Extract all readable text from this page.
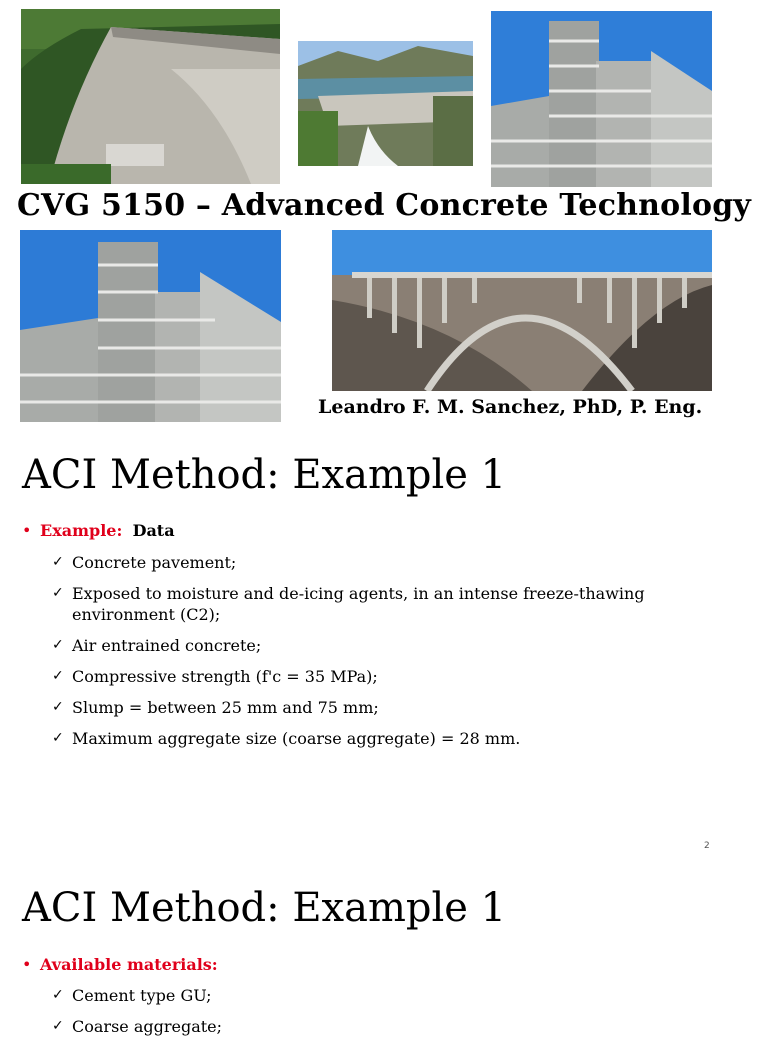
CVG 5150 – Advanced Concrete Technology
Leandro F. M. Sanchez, PhD, P. Eng.
ACI Method: Example 1
• Example: Data
✓ Concrete pavement;
✓ Exposed to moisture and de-icing agents, in an intense freeze-thawing
environment (C2);
✓ Air entrained concrete;
✓ Compressive strength (f'c = 35 MPa);
✓ Slump = between 25 mm and 75 mm;
✓ Maximum aggregate size (coarse aggregate) = 28 mm.
2
ACI Method: Example 1
• Available materials:
✓ Cement type GU;
✓ Coarse aggregate;
